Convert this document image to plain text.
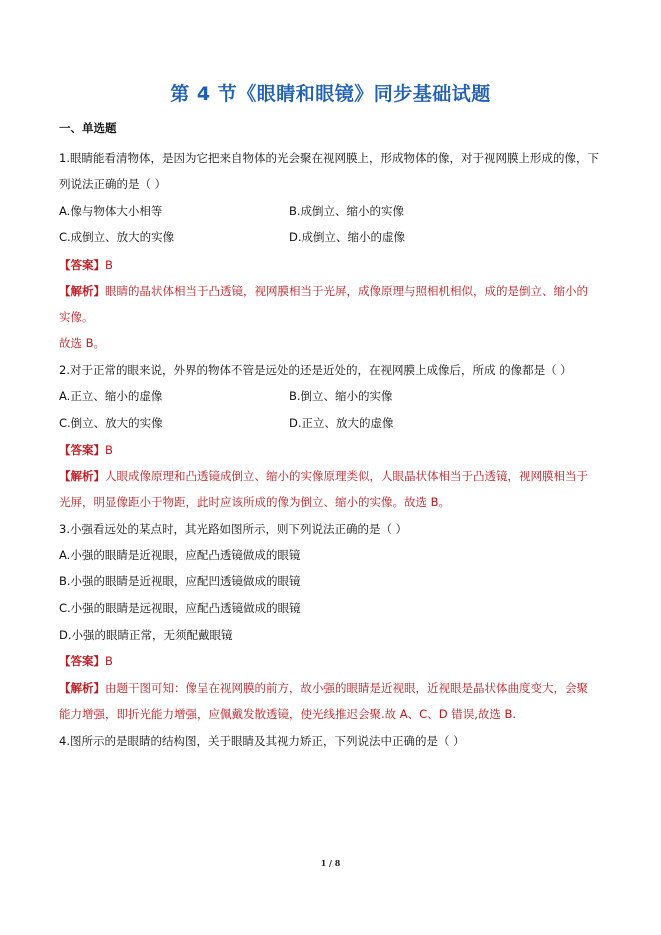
第 4 节《眼睛和眼镜》同步基础试题
一、单选题
1.眼睛能看清物体，是因为它把来自物体的光会聚在视网膜上，形成物体的像，对于视网膜上形成的像，下
列说法正确的是（ ）
A.像与物体大小相等	B.成倒立、缩小的实像
C.成倒立、放大的实像	D.成倒立、缩小的虚像
【答案】B
【解析】眼睛的晶状体相当于凸透镜，视网膜相当于光屏，成像原理与照相机相似，成的是倒立、缩小的
实像。
故选 B。
2.对于正常的眼来说，外界的物体不管是远处的还是近处的，在视网膜上成像后，所成 的像都是（ ）
A.正立、缩小的虚像	B.倒立、缩小的实像
C.倒立、放大的实像	D.正立、放大的虚像
【答案】B
【解析】人眼成像原理和凸透镜成倒立、缩小的实像原理类似，人眼晶状体相当于凸透镜，视网膜相当于
光屏，明显像距小于物距，此时应该所成的像为倒立、缩小的实像。故选 B。
3.小强看远处的某点时，其光路如图所示，则下列说法正确的是（ ）
A.小强的眼睛是近视眼，应配凸透镜做成的眼镜
B.小强的眼睛是近视眼，应配凹透镜做成的眼镜
C.小强的眼睛是远视眼，应配凸透镜做成的眼镜
D.小强的眼睛正常，无须配戴眼镜
【答案】B
【解析】由题干图可知：像呈在视网膜的前方，故小强的眼睛是近视眼，近视眼是晶状体曲度变大，会聚
能力增强，即折光能力增强，应佩戴发散透镜，使光线推迟会聚.故 A、C、D 错误,故选 B.
4.图所示的是眼睛的结构图，关于眼睛及其视力矫正，下列说法中正确的是（ ）
1 / 8
